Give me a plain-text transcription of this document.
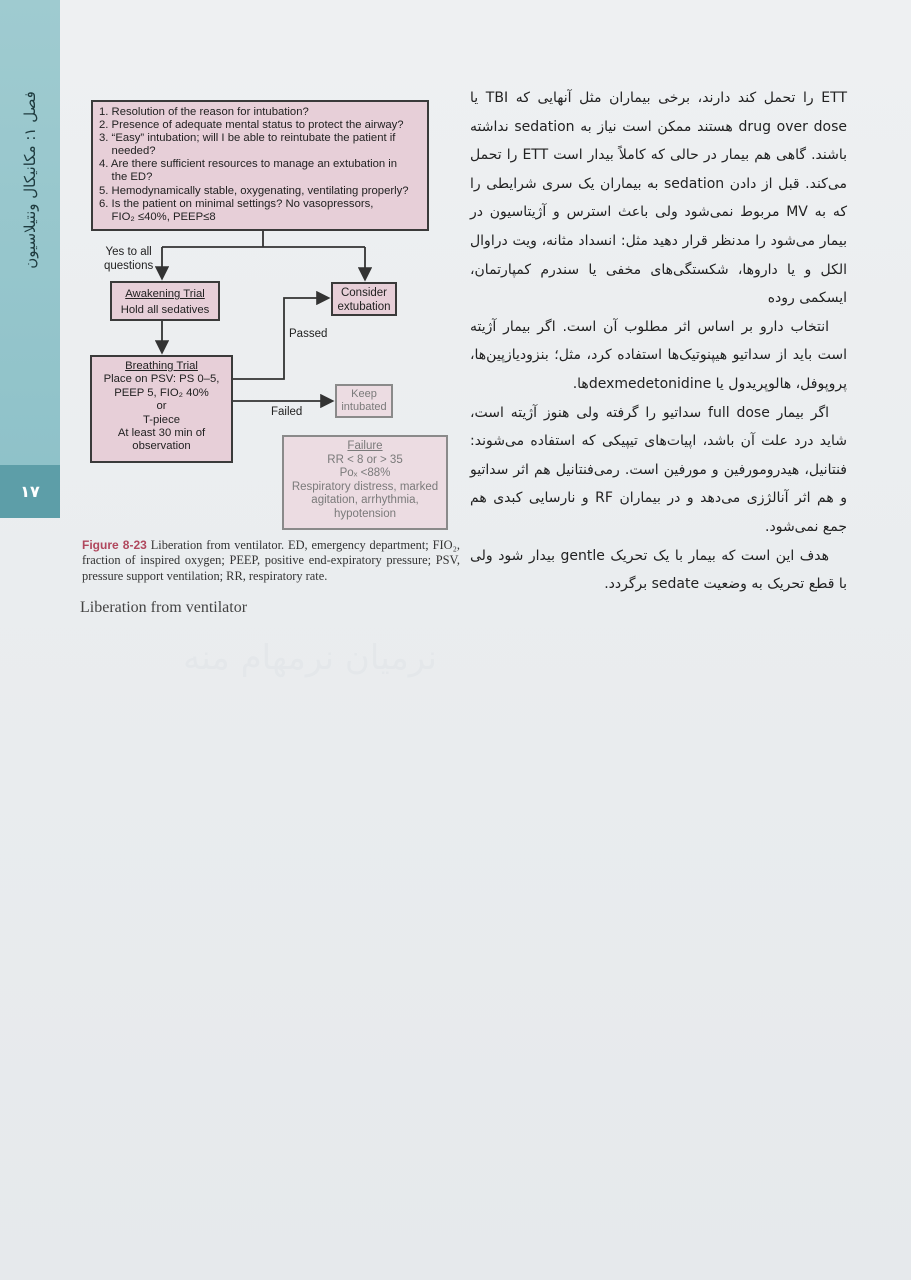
فصل ۱: مکانیکال ونتیلاسیون
۱۷
1. Resolution of the reason for intubation?
2. Presence of adequate mental status to protect the airway?
3. “Easy” intubation; will I be able to reintubate the patient if
needed?
4. Are there sufficient resources to manage an extubation in
the ED?
5. Hemodynamically stable, oxygenating, ventilating properly?
6. Is the patient on minimal settings? No vasopressors,
FIO₂ ≤40%, PEEP≤8
Yes to all
questions
Awakening Trial
Hold all sedatives
Consider
extubation
Passed
Breathing Trial
Place on PSV: PS 0–5,
PEEP 5, FIO₂ 40%
or
T-piece
At least 30 min of
observation
Failed
Keep
intubated
Failure
RR < 8 or > 35
Poₓ <88%
Respiratory distress, marked
agitation, arrhythmia,
hypotension
Figure 8-23 Liberation from ventilator. ED, emergency department; FIO₂, fraction of inspired oxygen; PEEP, positive end-expiratory pressure; PSV, pressure support ventilation; RR, respiratory rate.
Liberation from ventilator
نرمیان نرمهام منه

ETT را تحمل کند دارند، برخی بیماران مثل آنهایی که TBI یا drug over dose هستند ممکن است نیاز به sedation نداشته باشند. گاهی هم بیمار در حالی که کاملاً بیدار است ETT را تحمل می‌کند. قبل از دادن sedation به بیماران یک سری شرایطی را که به MV مربوط نمی‌شود ولی باعث استرس و آژیتاسیون در بیمار می‌شود را مدنظر قرار دهید مثل: انسداد مثانه، ویت دراوال الکل و یا داروها، شکستگی‌های مخفی یا سندرم کمپارتمان، ایسکمی روده

انتخاب دارو بر اساس اثر مطلوب آن است. اگر بیمار آژیته است باید از سداتیو هیپنوتیک‌ها استفاده کرد، مثل؛ بنزودیازپین‌ها، پروپوفل، هالوپریدول یا dexmedetonidineها.

اگر بیمار full dose سداتیو را گرفته ولی هنوز آژیته است، شاید درد علت آن باشد، اپیات‌های تیپیکی که استفاده می‌شوند: فنتانیل، هیدرومورفین و مورفین است. رمی‌فنتانیل هم اثر سداتیو و هم اثر آنالژزی می‌دهد و در بیماران RF و نارسایی کبدی هم جمع نمی‌شود.

هدف این است که بیمار با یک تحریک gentle بیدار شود ولی با قطع تحریک به وضعیت sedate برگردد.
